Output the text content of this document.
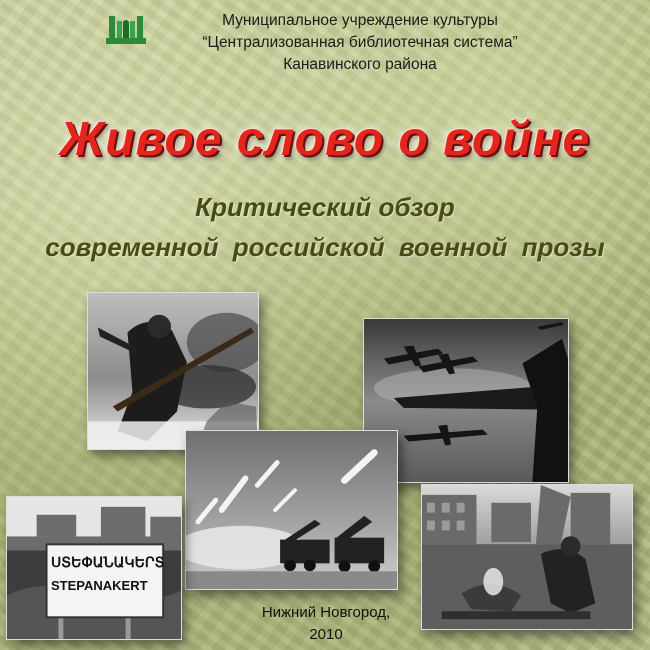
Муниципальное учреждение культуры
“Централизованная библиотечная система”
Канавинского района
Живое слово о войне
Критический обзор
современной российской военной прозы
ՍՏԵՓԱՆԱԿԵՐՏ
STEPANAKERT
Нижний Новгород,
2010
